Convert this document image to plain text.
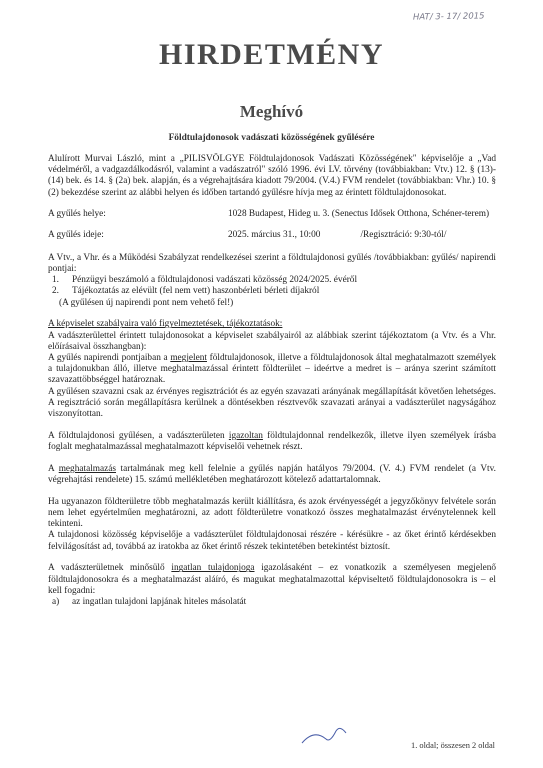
HAT/ 3- 17/ 2015
HIRDETMÉNY
Meghívó
Földtulajdonosok vadászati közösségének gyűlésére

Alulírott Murvai László, mint a „PILISVÖLGYE Földtulajdonosok Vadászati Közösségének" képviselője a „Vad védelméről, a vadgazdálkodásról, valamint a vadászatról" szóló 1996. évi LV. törvény (továbbiakban: Vtv.) 12. § (13)-(14) bek. és 14. § (2a) bek. alapján, és a végrehajtására kiadott 79/2004. (V.4.) FVM rendelet (továbbiakban: Vhr.) 10. § (2) bekezdése szerint az alábbi helyen és időben tartandó gyűlésre hívja meg az érintett földtulajdonosokat.

A gyűlés helye:	1028 Budapest, Hideg u. 3. (Senectus Idősek Otthona, Schéner-terem)
A gyűlés ideje:	2025. március 31., 10:00	/Regisztráció: 9:30-tól/

A Vtv., a Vhr. és a Működési Szabályzat rendelkezései szerint a földtulajdonosi gyűlés /továbbiakban: gyűlés/ napirendi pontjai:

1.	Pénzügyi beszámoló a földtulajdonosi vadászati közösség 2024/2025. évéről
2.	Tájékoztatás az elévült (fel nem vett) haszonbérleti bérleti díjakról
(A gyűlésen új napirendi pont nem vehető fel!)
A képviselet szabályaira való figyelmeztetések, tájékoztatások:

A vadászterülettel érintett tulajdonosokat a képviselet szabályairól az alábbiak szerint tájékoztatom (a Vtv. és a Vhr. előírásaival összhangban):

A gyűlés napirendi pontjaiban a megjelent földtulajdonosok, illetve a földtulajdonosok által meghatalmazott személyek a tulajdonukban álló, illetve meghatalmazással érintett földterület – ideértve a medret is – aránya szerint számított szavazattöbbséggel határoznak.

A gyűlésen szavazni csak az érvényes regisztrációt és az egyén szavazati arányának megállapítását követően lehetséges. A regisztráció során megállapításra kerülnek a döntésekben résztvevők szavazati arányai a vadászterület nagyságához viszonyítottan.

A földtulajdonosi gyűlésen, a vadászterületen igazoltan földtulajdonnal rendelkezők, illetve ilyen személyek írásba foglalt meghatalmazással meghatalmazott képviselői vehetnek részt.

A meghatalmazás tartalmának meg kell felelnie a gyűlés napján hatályos 79/2004. (V. 4.) FVM rendelet (a Vtv. végrehajtási rendelete) 15. számú mellékletében meghatározott kötelező adattartalomnak.

Ha ugyanazon földterületre több meghatalmazás került kiállításra, és azok érvényességét a jegyzőkönyv felvétele során nem lehet egyértelműen meghatározni, az adott földterületre vonatkozó összes meghatalmazást érvénytelennek kell tekinteni.

A tulajdonosi közösség képviselője a vadászterület földtulajdonosai részére - kérésükre - az őket érintő kérdésekben felvilágosítást ad, továbbá az iratokba az őket érintő részek tekintetében betekintést biztosít.

A vadászterületnek minősülő ingatlan tulajdonjoga igazolásaként – ez vonatkozik a személyesen megjelenő földtulajdonosokra és a meghatalmazást aláíró, és magukat meghatalmazottal képviseltető földtulajdonosokra is – el kell fogadni:

a)	az ingatlan tulajdoni lapjának hiteles másolatát
1. oldal; összesen 2 oldal
